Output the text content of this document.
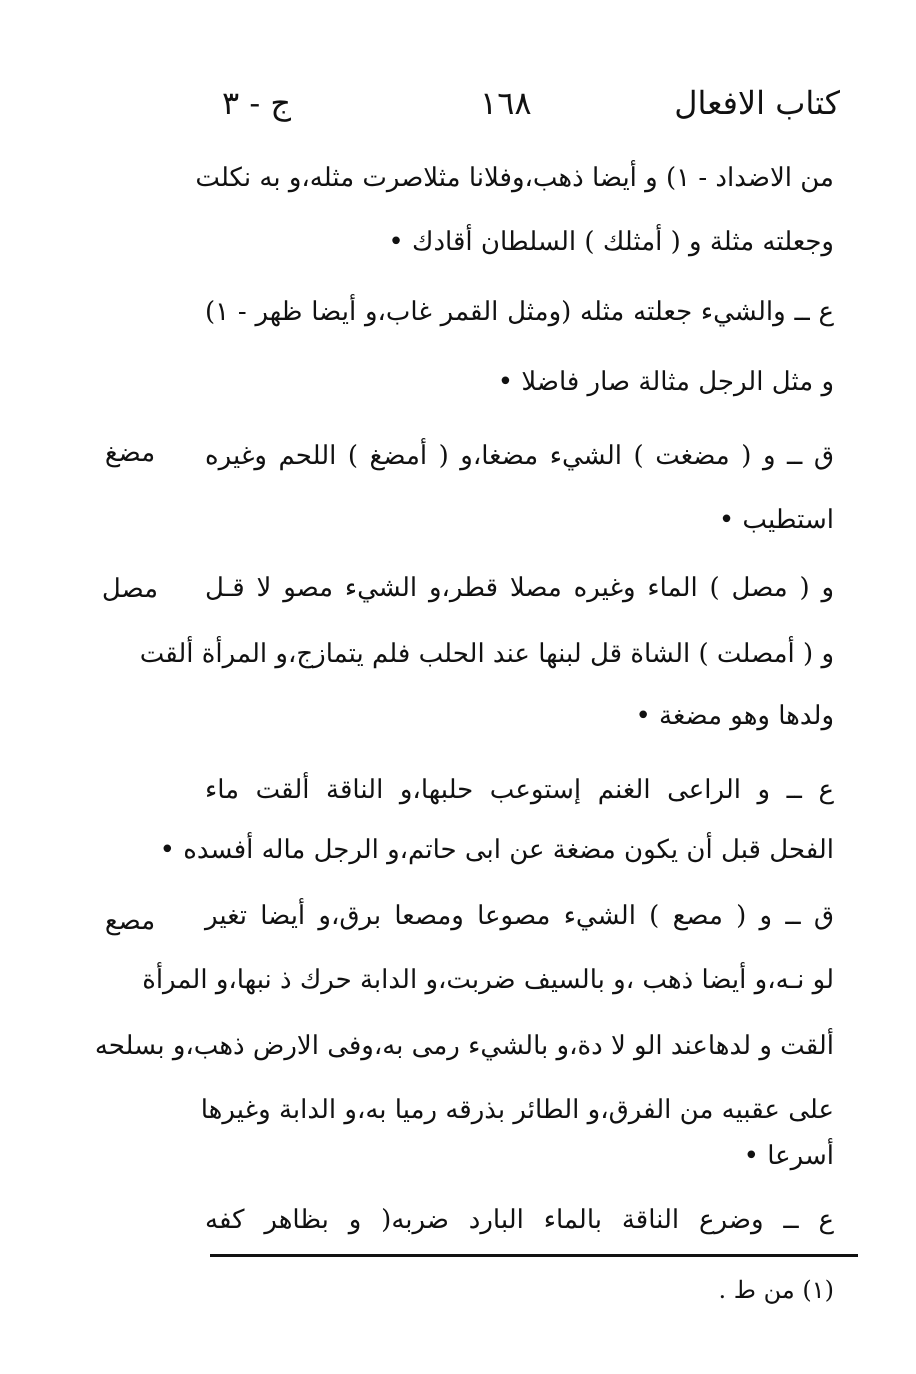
كتاب الافعال
١٦٨
ج - ٣
من الاضداد - ١) و أيضا ذهب،وفلانا مثلاصرت مثله،و به نكلت
وجعلته مثلة و ( أمثلك ) السلطان أقادك •
ع ــ والشيء جعلته مثله (ومثل القمر غاب،و أيضا ظهر - ١)
و مثل الرجل مثالة صار فاضلا •
مضغ ق ــ و ( مضغت ) الشيء مضغا،و ( أمضغ ) اللحم وغيره
استطيب •
مصل و ( مصل ) الماء وغيره مصلا قطر،و الشيء مصو لا قـل
و ( أمصلت ) الشاة قل لبنها عند الحلب فلم يتمازج،و المرأة ألقت
ولدها وهو مضغة •
ع ــ و الراعى الغنم إستوعب حلبها،و الناقة ألقت ماء
الفحل قبل أن يكون مضغة عن ابى حاتم،و الرجل ماله أفسده •
مصع ق ــ و ( مصع ) الشيء مصوعا ومصعا برق،و أيضا تغير
لو نـه،و أيضا ذهب ،و بالسيف ضربت،و الدابة حرك ذ نبها،و المرأة
ألقت و لدهاعند الو لا دة،و بالشيء رمى به،وفى الارض ذهب،و بسلحه
على عقبيه من الفرق،و الطائر بذرقه رميا به،و الدابة وغيرها
أسرعا •
ع ــ وضرع الناقة بالماء البارد ضربه( و بظاهر كفه
(١) من ط .
